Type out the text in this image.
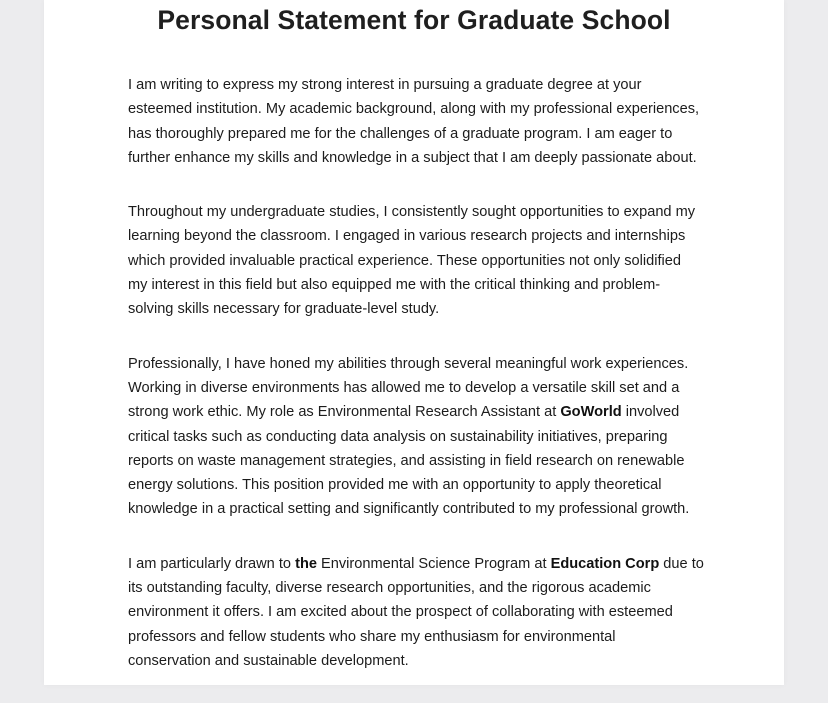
Personal Statement for Graduate School

I am writing to express my strong interest in pursuing a graduate degree at your
esteemed institution. My academic background, along with my professional experiences,
has thoroughly prepared me for the challenges of a graduate program. I am eager to
further enhance my skills and knowledge in a subject that I am deeply passionate about.

Throughout my undergraduate studies, I consistently sought opportunities to expand my
learning beyond the classroom. I engaged in various research projects and internships
which provided invaluable practical experience. These opportunities not only solidified
my interest in this field but also equipped me with the critical thinking and problem-
solving skills necessary for graduate-level study.

Professionally, I have honed my abilities through several meaningful work experiences.
Working in diverse environments has allowed me to develop a versatile skill set and a
strong work ethic. My role as Environmental Research Assistant at GoWorld involved
critical tasks such as conducting data analysis on sustainability initiatives, preparing
reports on waste management strategies, and assisting in field research on renewable
energy solutions. This position provided me with an opportunity to apply theoretical
knowledge in a practical setting and significantly contributed to my professional growth.

I am particularly drawn to the Environmental Science Program at Education Corp due to
its outstanding faculty, diverse research opportunities, and the rigorous academic
environment it offers. I am excited about the prospect of collaborating with esteemed
professors and fellow students who share my enthusiasm for environmental
conservation and sustainable development.
